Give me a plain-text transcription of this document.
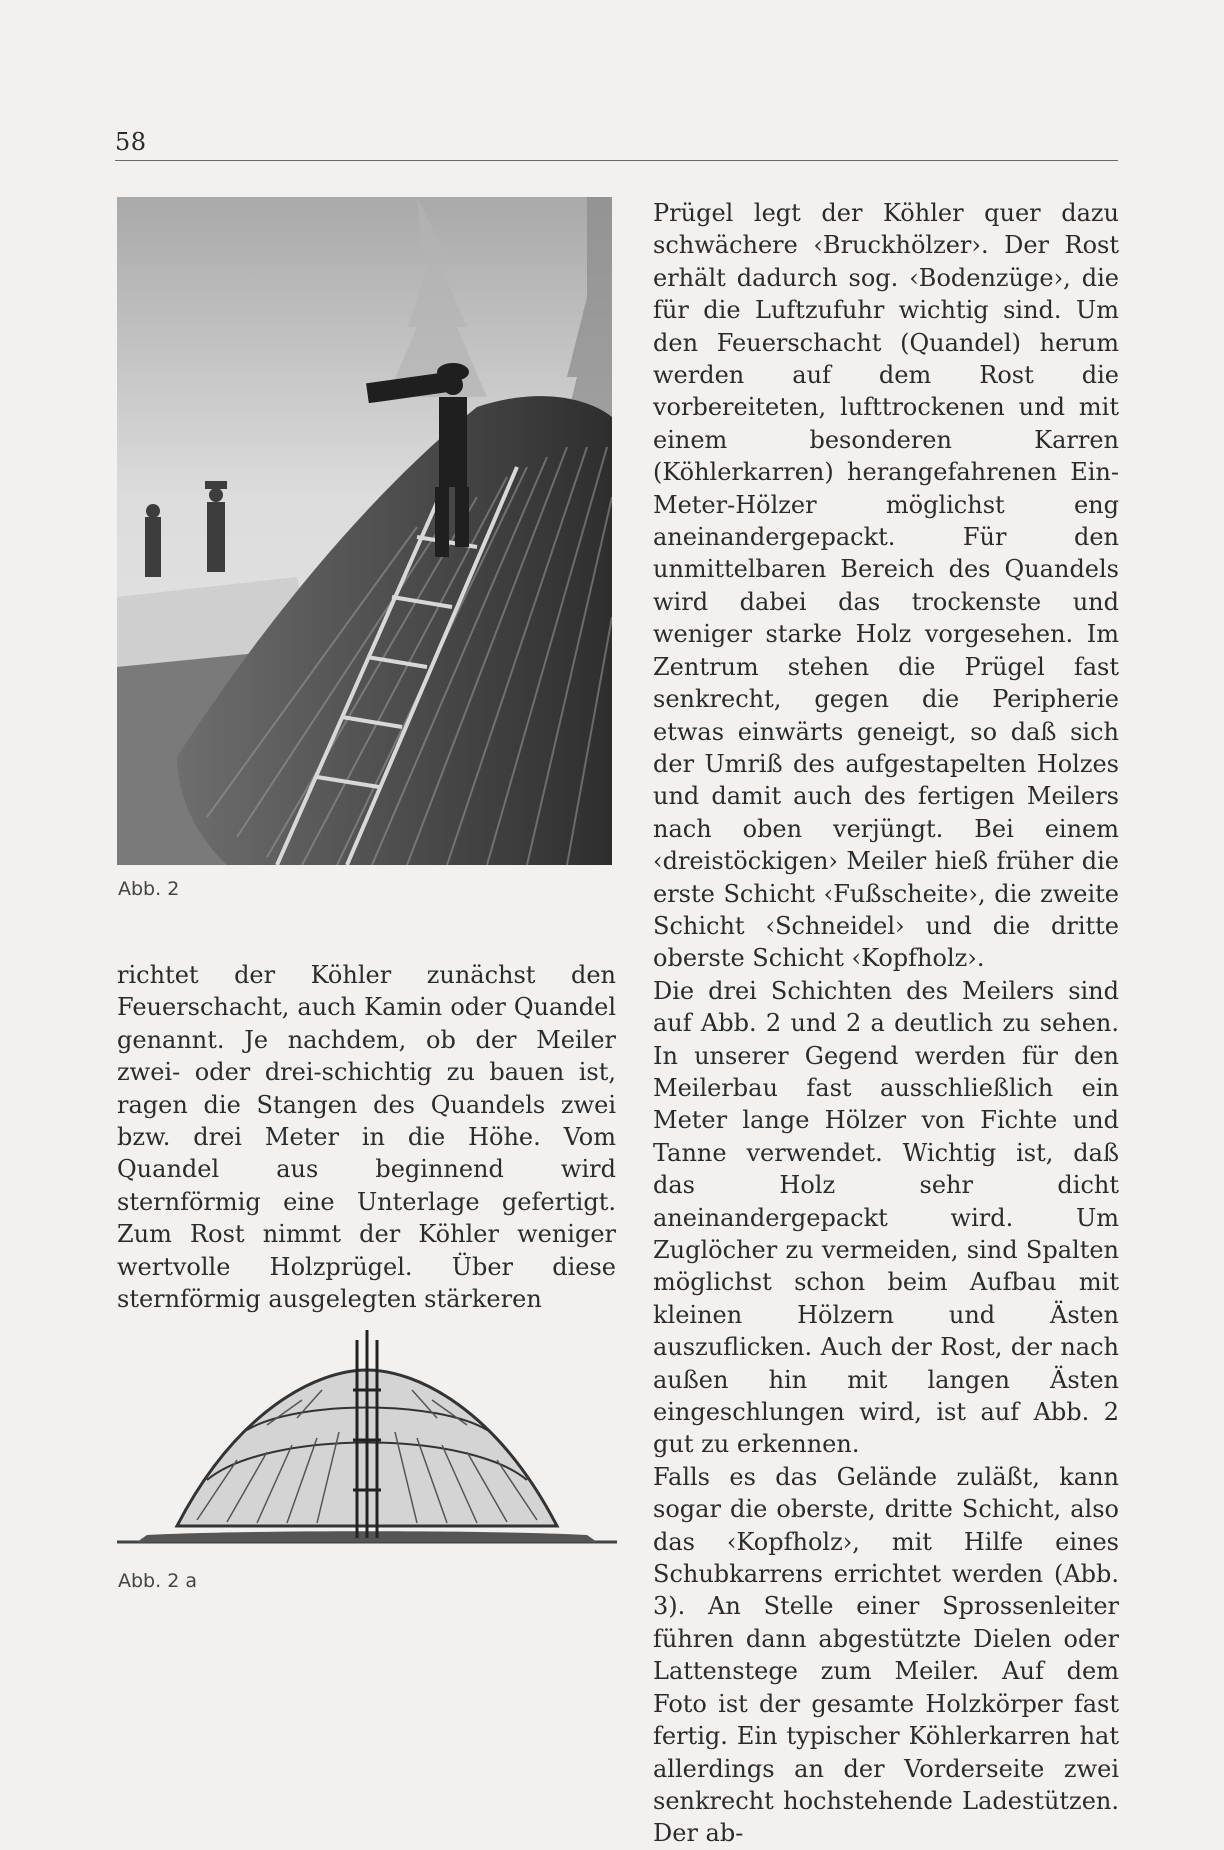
58
Abb. 2

richtet der Köhler zunächst den Feuerschacht, auch Kamin oder Quandel genannt. Je nachdem, ob der Meiler zwei- oder drei-schichtig zu bauen ist, ragen die Stangen des Quandels zwei bzw. drei Meter in die Höhe. Vom Quandel aus beginnend wird sternförmig eine Unterlage gefertigt. Zum Rost nimmt der Köhler weniger wertvolle Holzprügel. Über diese sternförmig ausgelegten stärkeren

Abb. 2 a

Prügel legt der Köhler quer dazu schwächere ‹Bruckhölzer›. Der Rost erhält dadurch sog. ‹Bodenzüge›, die für die Luftzufuhr wichtig sind. Um den Feuerschacht (Quandel) herum werden auf dem Rost die vorbereiteten, lufttrockenen und mit einem besonderen Karren (Köhlerkarren) herangefahrenen Ein-Meter-Hölzer möglichst eng aneinandergepackt. Für den unmittelbaren Bereich des Quandels wird dabei das trockenste und weniger starke Holz vorgesehen. Im Zentrum stehen die Prügel fast senkrecht, gegen die Peripherie etwas einwärts geneigt, so daß sich der Umriß des aufgestapelten Holzes und damit auch des fertigen Meilers nach oben verjüngt. Bei einem ‹dreistöckigen› Meiler hieß früher die erste Schicht ‹Fußscheite›, die zweite Schicht ‹Schneidel› und die dritte oberste Schicht ‹Kopfholz›.

Die drei Schichten des Meilers sind auf Abb. 2 und 2 a deutlich zu sehen. In unserer Gegend werden für den Meilerbau fast ausschließlich ein Meter lange Hölzer von Fichte und Tanne verwendet. Wichtig ist, daß das Holz sehr dicht aneinandergepackt wird. Um Zuglöcher zu vermeiden, sind Spalten möglichst schon beim Aufbau mit kleinen Hölzern und Ästen auszuflicken. Auch der Rost, der nach außen hin mit langen Ästen eingeschlungen wird, ist auf Abb. 2 gut zu erkennen.

Falls es das Gelände zuläßt, kann sogar die oberste, dritte Schicht, also das ‹Kopfholz›, mit Hilfe eines Schubkarrens errichtet werden (Abb. 3). An Stelle einer Sprossenleiter führen dann abgestützte Dielen oder Lattenstege zum Meiler. Auf dem Foto ist der gesamte Holzkörper fast fertig. Ein typischer Köhlerkarren hat allerdings an der Vorderseite zwei senkrecht hochstehende Ladestützen. Der ab-
